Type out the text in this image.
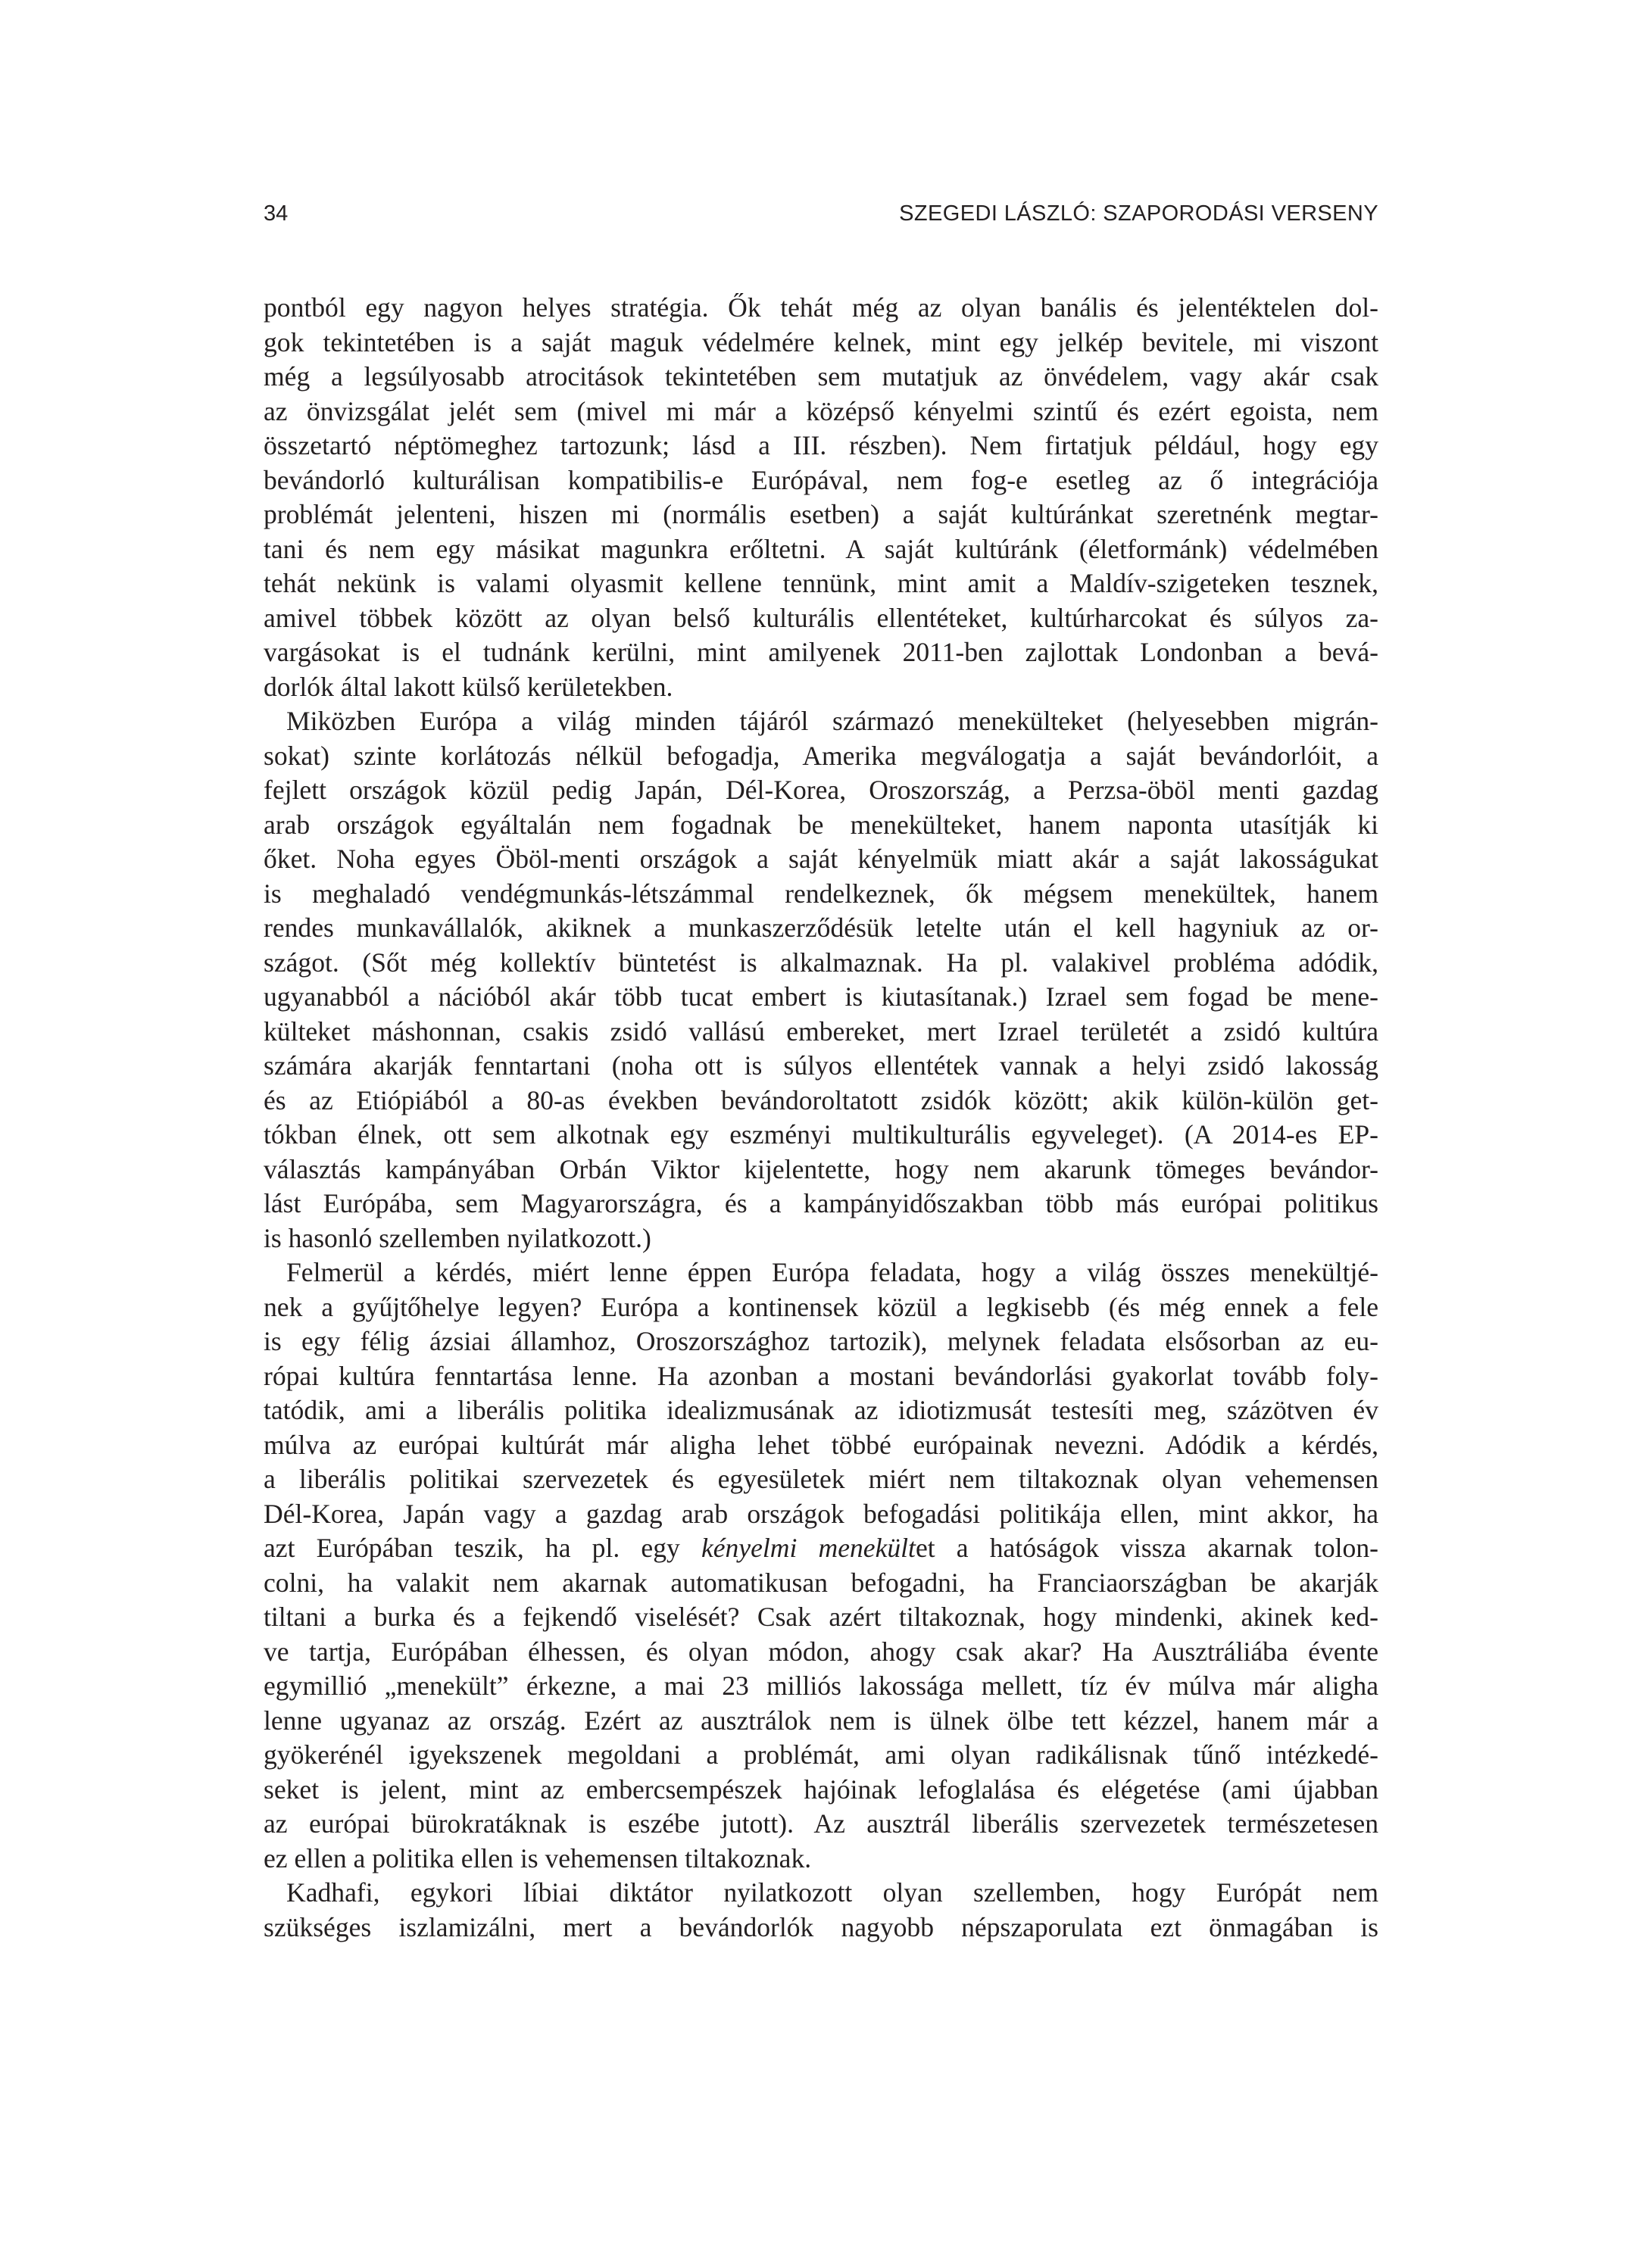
34	SZEGEDI LÁSZLÓ: SZAPORODÁSI VERSENY
pontból egy nagyon helyes stratégia. Ők tehát még az olyan banális és jelentéktelen dol-
gok tekintetében is a saját maguk védelmére kelnek, mint egy jelkép bevitele, mi viszont
még a legsúlyosabb atrocitások tekintetében sem mutatjuk az önvédelem, vagy akár csak
az önvizsgálat jelét sem (mivel mi már a középső kényelmi szintű és ezért egoista, nem
összetartó néptömeghez tartozunk; lásd a III. részben). Nem firtatjuk például, hogy egy
bevándorló kulturálisan kompatibilis-e Európával, nem fog-e esetleg az ő integrációja
problémát jelenteni, hiszen mi (normális esetben) a saját kultúránkat szeretnénk megtar-
tani és nem egy másikat magunkra erőltetni. A saját kultúránk (életformánk) védelmében
tehát nekünk is valami olyasmit kellene tennünk, mint amit a Maldív-szigeteken tesznek,
amivel többek között az olyan belső kulturális ellentéteket, kultúrharcokat és súlyos za-
vargásokat is el tudnánk kerülni, mint amilyenek 2011-ben zajlottak Londonban a bevá-
dorlók által lakott külső kerületekben.
Miközben Európa a világ minden tájáról származó menekülteket (helyesebben migrán-
sokat) szinte korlátozás nélkül befogadja, Amerika megválogatja a saját bevándorlóit, a
fejlett országok közül pedig Japán, Dél-Korea, Oroszország, a Perzsa-öböl menti gazdag
arab országok egyáltalán nem fogadnak be menekülteket, hanem naponta utasítják ki
őket. Noha egyes Öböl-menti országok a saját kényelmük miatt akár a saját lakosságukat
is meghaladó vendégmunkás-létszámmal rendelkeznek, ők mégsem menekültek, hanem
rendes munkavállalók, akiknek a munkaszerződésük letelte után el kell hagyniuk az or-
szágot. (Sőt még kollektív büntetést is alkalmaznak. Ha pl. valakivel probléma adódik,
ugyanabból a nációból akár több tucat embert is kiutasítanak.) Izrael sem fogad be mene-
külteket máshonnan, csakis zsidó vallású embereket, mert Izrael területét a zsidó kultúra
számára akarják fenntartani (noha ott is súlyos ellentétek vannak a helyi zsidó lakosság
és az Etiópiából a 80-as években bevándoroltatott zsidók között; akik külön-külön get-
tókban élnek, ott sem alkotnak egy eszményi multikulturális egyveleget). (A 2014-es EP-
választás kampányában Orbán Viktor kijelentette, hogy nem akarunk tömeges bevándor-
lást Európába, sem Magyarországra, és a kampányidőszakban több más európai politikus
is hasonló szellemben nyilatkozott.)
Felmerül a kérdés, miért lenne éppen Európa feladata, hogy a világ összes menekültjé-
nek a gyűjtőhelye legyen? Európa a kontinensek közül a legkisebb (és még ennek a fele
is egy félig ázsiai államhoz, Oroszországhoz tartozik), melynek feladata elsősorban az eu-
rópai kultúra fenntartása lenne. Ha azonban a mostani bevándorlási gyakorlat tovább foly-
tatódik, ami a liberális politika idealizmusának az idiotizmusát testesíti meg, százötven év
múlva az európai kultúrát már aligha lehet többé európainak nevezni. Adódik a kérdés,
a liberális politikai szervezetek és egyesületek miért nem tiltakoznak olyan vehemensen
Dél-Korea, Japán vagy a gazdag arab országok befogadási politikája ellen, mint akkor, ha
azt Európában teszik, ha pl. egy kényelmi menekültet a hatóságok vissza akarnak tolon-
colni, ha valakit nem akarnak automatikusan befogadni, ha Franciaországban be akarják
tiltani a burka és a fejkendő viselését? Csak azért tiltakoznak, hogy mindenki, akinek ked-
ve tartja, Európában élhessen, és olyan módon, ahogy csak akar? Ha Ausztráliába évente
egymillió „menekült” érkezne, a mai 23 milliós lakossága mellett, tíz év múlva már aligha
lenne ugyanaz az ország. Ezért az ausztrálok nem is ülnek ölbe tett kézzel, hanem már a
gyökerénél igyekszenek megoldani a problémát, ami olyan radikálisnak tűnő intézkedé-
seket is jelent, mint az embercsempészek hajóinak lefoglalása és elégetése (ami újabban
az európai bürokratáknak is eszébe jutott). Az ausztrál liberális szervezetek természetesen
ez ellen a politika ellen is vehemensen tiltakoznak.
Kadhafi, egykori líbiai diktátor nyilatkozott olyan szellemben, hogy Európát nem
szükséges iszlamizálni, mert a bevándorlók nagyobb népszaporulata ezt önmagában is
